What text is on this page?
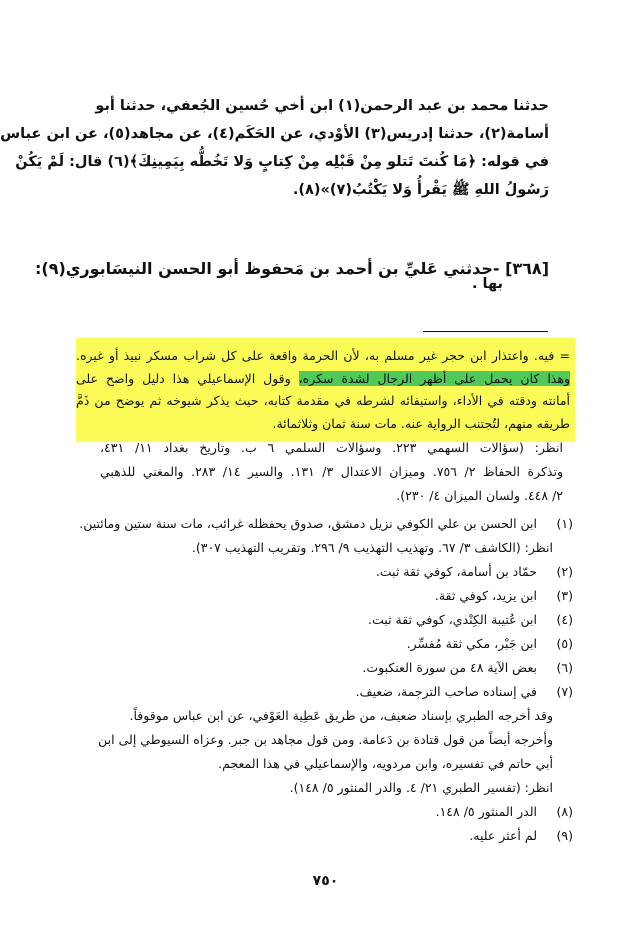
حدثنا محمد بن عبد الرحمن(١) ابن أخي حُسين الجُعفي، حدثنا أبو
أسامة(٢)، حدثنا إدريس(٣) الأوْدي، عن الحَكَم(٤)، عن مجاهد(٥)، عن ابن عباس
في قوله: ﴿مَا كُنتَ تَتلو مِنْ قَبْلِه مِنْ كِتابٍ وَلا تَخُطُّه بِيَمِينِكَ﴾(٦) قال: لَمْ يَكُنْ
رَسُولُ اللهِ ﷺ يَقْرأُ وَلا يَكْتُبُ(٧)»(٨).
[٣٦٨] -حدثني عَليِّ بن أحمد بن مَحفوظ أبو الحسن النيسَابوري(٩):
بها .
= فيه. واعتذار ابن حجر غير مسلم به، لأن الحرمة واقعة على كل شراب مسكر نبيذ أو غيره.
وهذا كان يحمل على أظهر الرجال لشدة سكره، وقول الإسماعيلي هذا دليل واضح على
أمانته ودقته في الأداء، واستيفائه لشرطه في مقدمة كتابه، حيث يذكر شيوخه ثم يوضح من ذَمَّ
طريقه منهم، لتُجتنب الرواية عنه. مات سنة ثمان وثلاثمائة.
انظر: (سؤالات السهمي ٢٢٣. وسؤالات السلمي ٦ ب. وتاريخ بغداد ١١/ ٤٣١،
وتذكرة الحفاظ ٢/ ٧٥٦. وميزان الاعتدال ٣/ ١٣١. والسير ١٤/ ٢٨٣. والمغني للذهبي
٢/ ٤٤٨. ولسان الميزان ٤/ ٢٣٠).
(١)
ابن الحسن بن علي الكوفي نزيل دمشق، صدوق يحفظله غرائب، مات سنة ستين ومائتين.
انظر: (الكاشف ٣/ ٦٧. وتهذيب التهذيب ٩/ ٢٩٦. وتقريب التهذيب ٣٠٧).
(٢)
حمّاد بن أسامة، كوفي ثقة ثبت.
(٣)
ابن يزيد، كوفي ثقة.
(٤)
ابن عُتيبة الكِنْدي، كوفي ثقة ثبت.
(٥)
ابن جَبْر، مكي ثقة مُفسِّر.
(٦)
بعض الآية ٤٨ من سورة العنكبوت.
(٧)
في إسناده صاحب الترجمة، ضعيف.
وقد أخرجه الطبري بإسناد ضعيف، من طريق عَطِية العَوْفي، عن ابن عباس موقوفاً.
وأخرجه أيضاً من قول قتادة بن دَعامة. ومن قول مجاهد بن جبر. وعزاه السيوطي إلى ابن
أبي حاتم في تفسيره، وابن مردويه، والإسماعيلي في هذا المعجم.
انظر: (تفسير الطبري ٢١/ ٤. والدر المنثور ٥/ ١٤٨).
(٨)
الدر المنثور ٥/ ١٤٨.
(٩)
لم أعثر عليه.
٧٥٠
